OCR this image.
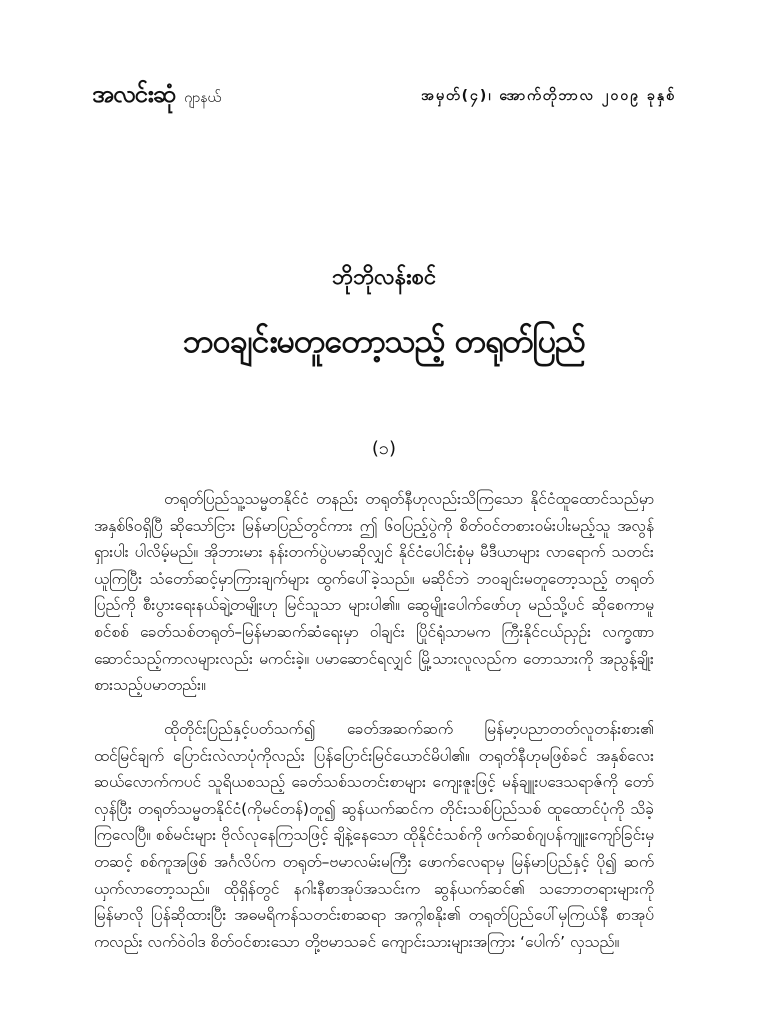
အလင်းဆုံ ဂျာနယ်	အမှတ်(၄)၊ အောက်တိုဘာလ ၂၀၀၉ ခုနှစ်
ဘိုဘိုလန်းစင်
ဘဝချင်းမတူတော့သည့် တရုတ်ပြည်
(၁)
တရုတ်ပြည်သူ့သမ္မတနိုင်ငံ တနည်း တရုတ်နီဟုလည်းသိကြသော နိုင်ငံထူထောင်သည်မှာ အနှစ်၆၀ရှိပြီ ဆိုသော်ငြား မြန်မာပြည်တွင်ကား ဤ ၆၀ပြည့်ပွဲကို စိတ်ဝင်တစားဝမ်းပါးမည့်သူ အလွန်ရှားပါး ပါလိမ့်မည်။ အိုဘားမား နန်းတက်ပွဲပမာဆိုလျှင် နိုင်ငံပေါင်းစုံမှ မီဒီယာများ လာရောက် သတင်းယူကြပြီး သံတော်ဆင့်မှာကြားချက်များ ထွက်ပေါ်ခဲ့သည်။ မဆိုင်ဘဲ ဘဝချင်းမတူတော့သည့် တရုတ်ပြည်ကို စီးပွားရေးနယ်ချဲ့တမျိုးဟု မြင်သူသာ များပါ၏။ ဆွေမျိုးပေါက်ဖော်ဟု မည်သို့ပင် ဆိုစေကာမူ စင်စစ် ခေတ်သစ်တရုတ်–မြန်မာဆက်ဆံရေးမှာ ဝါချင်း ပြိုင်ရုံသာမက ကြီးနိုင်ငယ်ညှဉ်း လက္ခဏာဆောင်သည့်ကာလများလည်း မကင်းခဲ့။ ပမာဆောင်ရလျှင် မြို့သားလူလည်က တောသားကို အညွန့်ချိုးစားသည့်ပမာတည်း။
ထိုတိုင်းပြည်နှင့်ပတ်သက်၍ ခေတ်အဆက်ဆက် မြန်မာ့ပညာတတ်လူတန်းစား၏ ထင်မြင်ချက် ပြောင်းလဲလာပုံကိုလည်း ပြန်ပြောင်းမြင်ယောင်မိပါ၏။ တရုတ်နီဟုမဖြစ်ခင် အနှစ်လေးဆယ်လောက်ကပင် သူရိယစသည့် ခေတ်သစ်သတင်းစာများ ကျေးဇူးဖြင့် မန်ချူးပဒေသရာဇ်ကို တော်လှန်ပြီး တရုတ်သမ္မတနိုင်ငံ(ကိုမင်တန်)တူ၍ ဆွန်ယက်ဆင်က တိုင်းသစ်ပြည်သစ် ထူထောင်ပုံကို သိခဲ့ကြလေပြီ။ စစ်မင်းများ ဗိုလ်လုနေကြသဖြင့် ချိနဲ့နေသော ထိုနိုင်ငံသစ်ကို ဖက်ဆစ်ဂျပန်ကျူးကျော်ခြင်းမှတဆင့် စစ်ကူအဖြစ် အင်္ဂလိပ်က တရုတ်–ဗမာလမ်းမကြီး ဖောက်လေရာမှ မြန်မာပြည်နှင့် ပို၍ ဆက်ယှက်လာတော့သည်။ ထိုရှိန်တွင် နဂါးနီစာအုပ်အသင်းက ဆွန်ယက်ဆင်၏ သဘောတရားများကို မြန်မာလို ပြန်ဆိုထားပြီး အဓမရိကန်သတင်းစာဆရာ အက္ဂါစနိုး၏ တရုတ်ပြည်ပေါ်မှကြယ်နီ စာအုပ်ကလည်း လက်ဝဲဝါဒ စိတ်ဝင်စားသော တို့ဗမာသခင် ကျောင်းသားများအကြား ‘ပေါက်’ လှသည်။
